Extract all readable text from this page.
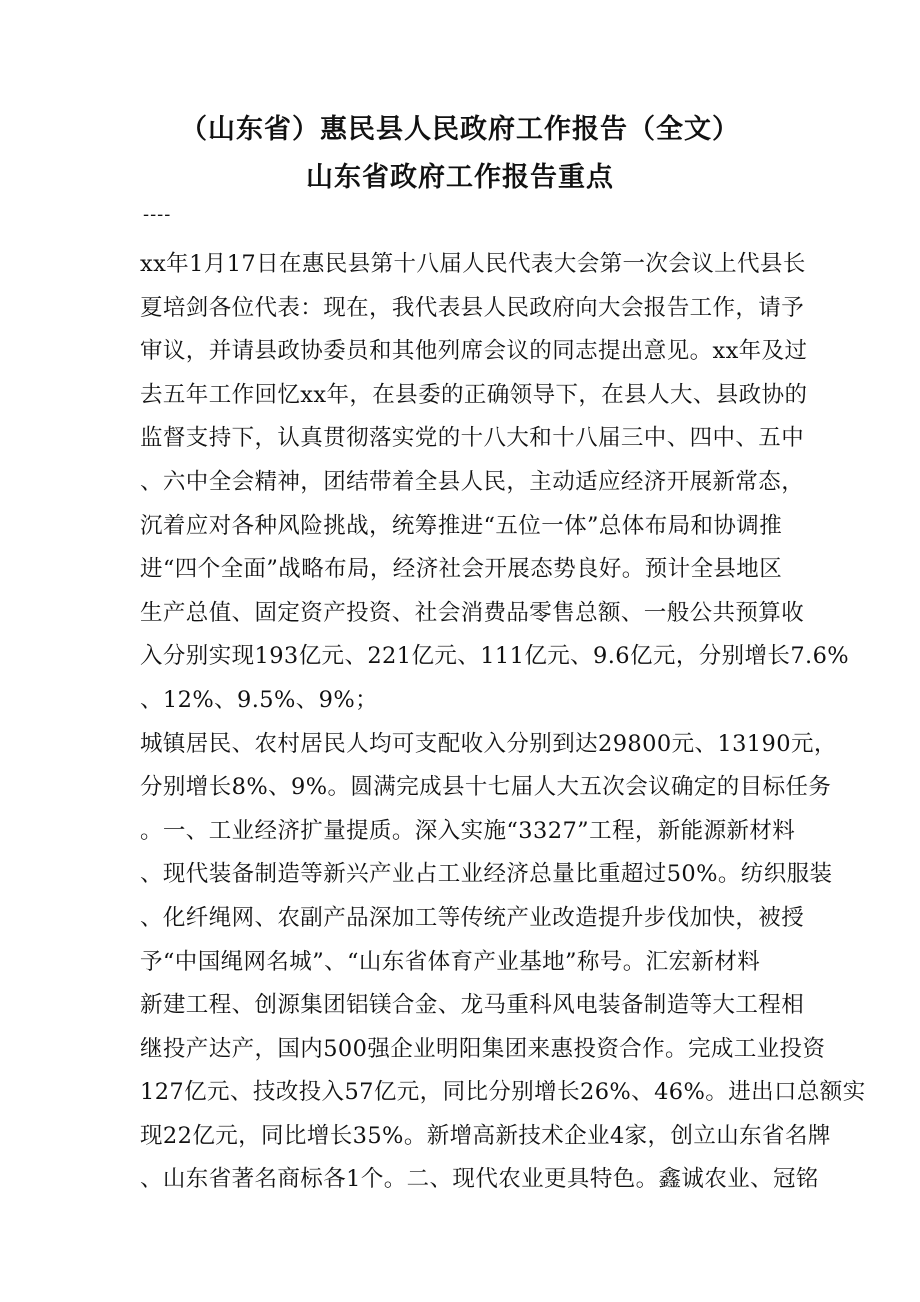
（山东省）惠民县人民政府工作报告（全文）
山东省政府工作报告重点
----
xx年1月17日在惠民县第十八届人民代表大会第一次会议上代县长
夏培剑各位代表：现在，我代表县人民政府向大会报告工作，请予
审议，并请县政协委员和其他列席会议的同志提出意见。xx年及过
去五年工作回忆xx年，在县委的正确领导下，在县人大、县政协的
监督支持下，认真贯彻落实党的十八大和十八届三中、四中、五中
、六中全会精神，团结带着全县人民，主动适应经济开展新常态，
沉着应对各种风险挑战，统筹推进“五位一体”总体布局和协调推
进“四个全面”战略布局，经济社会开展态势良好。预计全县地区
生产总值、固定资产投资、社会消费品零售总额、一般公共预算收
入分别实现193亿元、221亿元、111亿元、9.6亿元，分别增长7.6%
、12%、9.5%、9%；
城镇居民、农村居民人均可支配收入分别到达29800元、13190元，
分别增长8%、9%。圆满完成县十七届人大五次会议确定的目标任务
。一、工业经济扩量提质。深入实施“3327”工程，新能源新材料
、现代装备制造等新兴产业占工业经济总量比重超过50%。纺织服装
、化纤绳网、农副产品深加工等传统产业改造提升步伐加快，被授
予“中国绳网名城”、“山东省体育产业基地”称号。汇宏新材料
新建工程、创源集团铝镁合金、龙马重科风电装备制造等大工程相
继投产达产，国内500强企业明阳集团来惠投资合作。完成工业投资
127亿元、技改投入57亿元，同比分别增长26%、46%。进出口总额实
现22亿元，同比增长35%。新增高新技术企业4家，创立山东省名牌
、山东省著名商标各1个。二、现代农业更具特色。鑫诚农业、冠铭
